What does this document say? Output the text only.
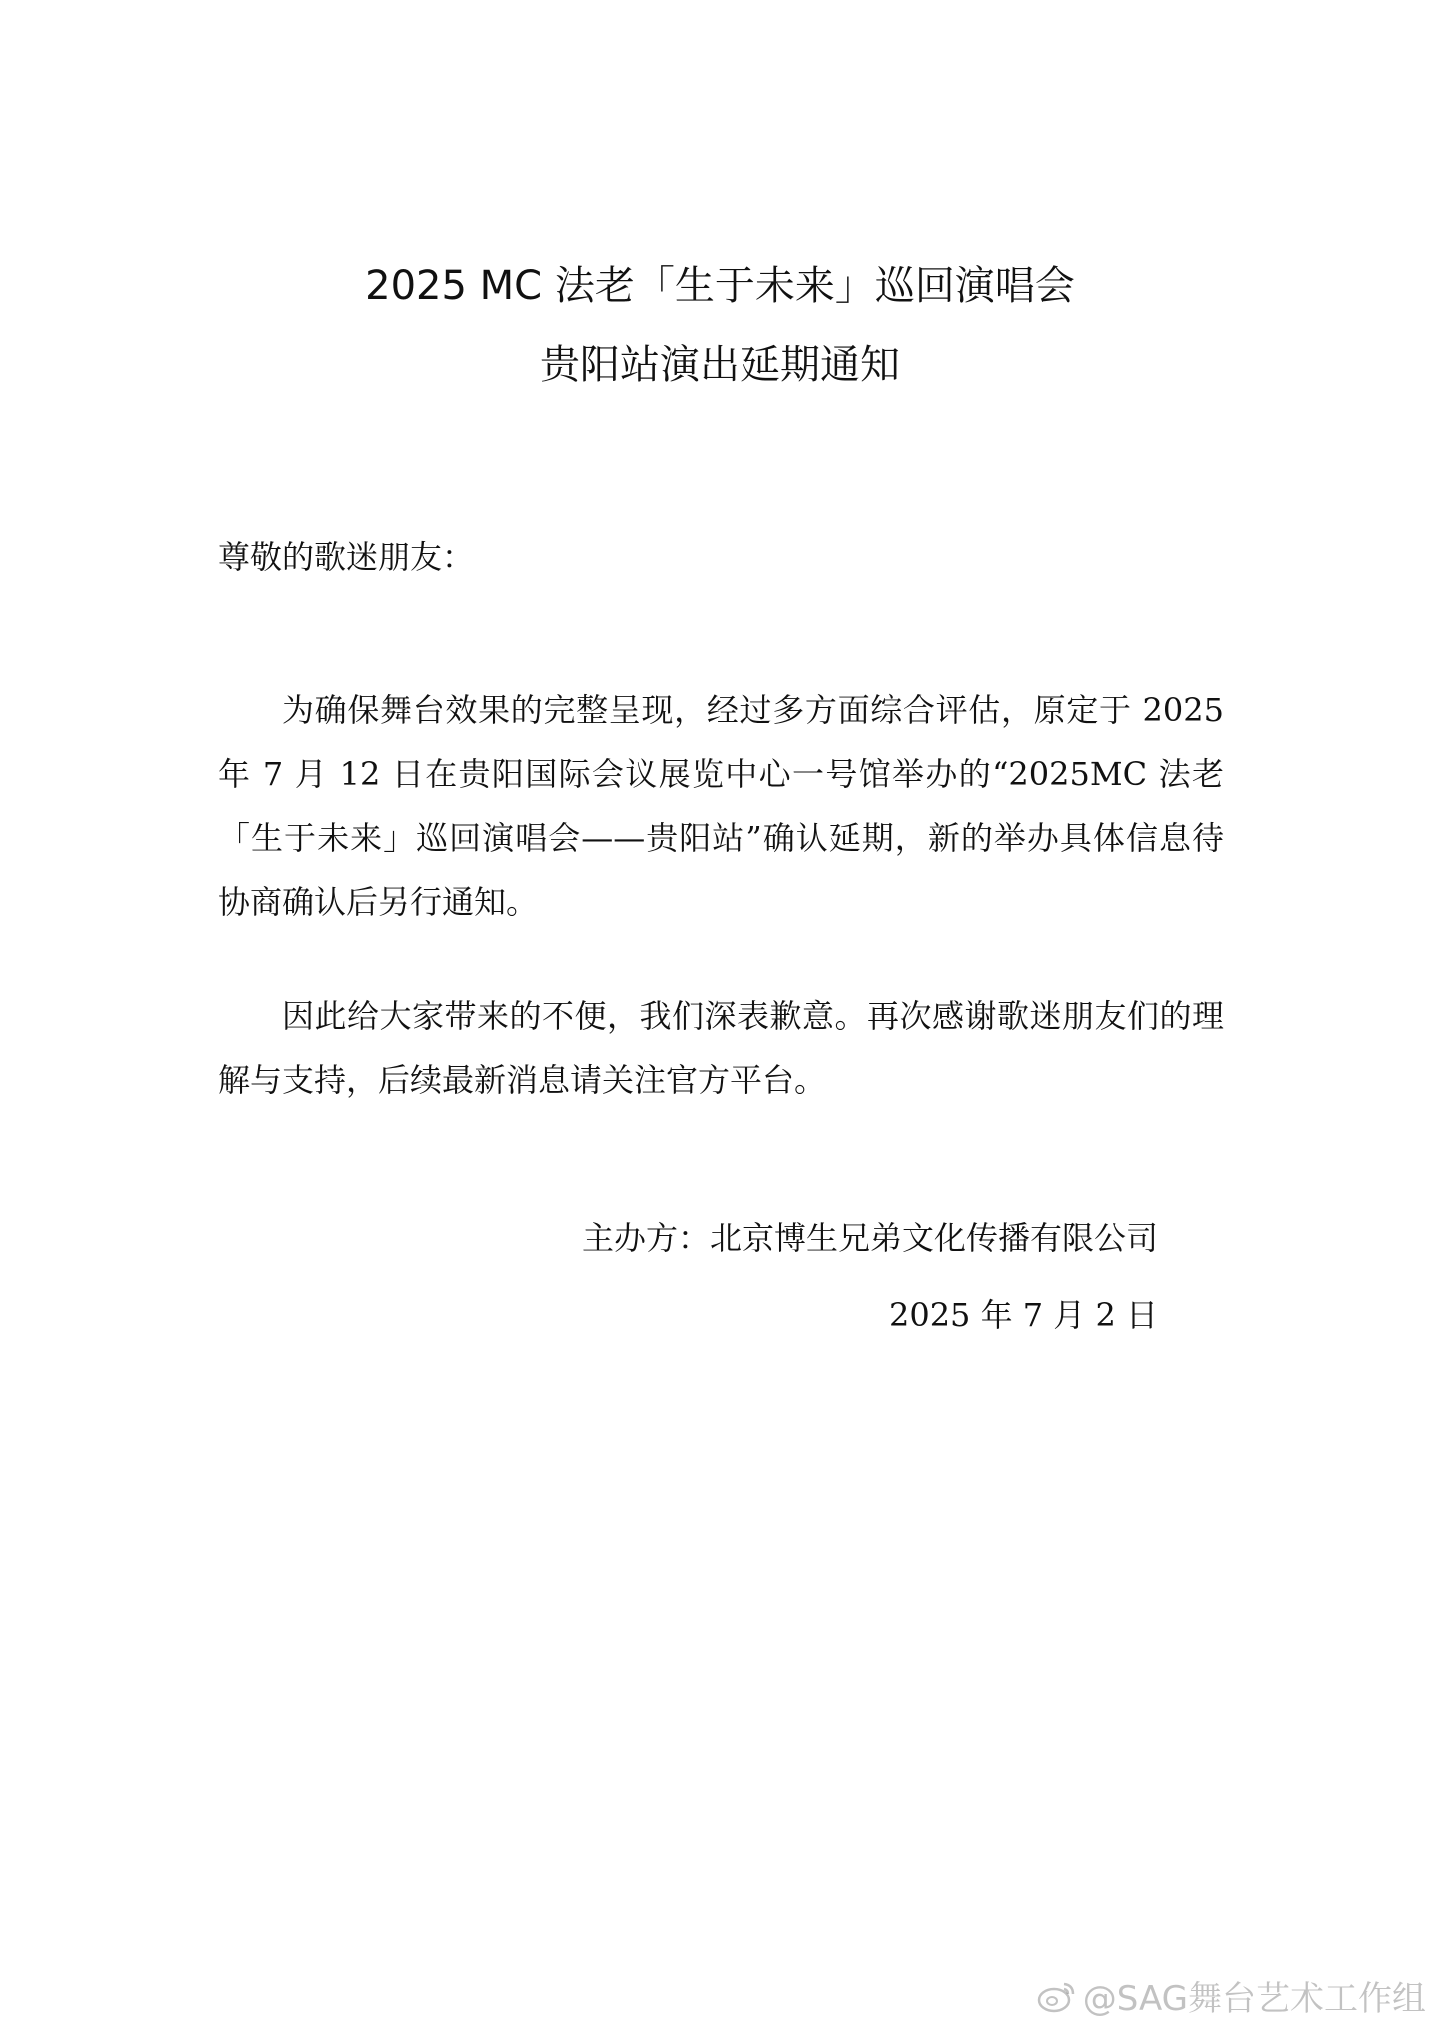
2025 MC 法老「生于未来」巡回演唱会
贵阳站演出延期通知
尊敬的歌迷朋友：

为确保舞台效果的完整呈现，经过多方面综合评估，原定于 2025 年 7 月 12 日在贵阳国际会议展览中心一号馆举办的“2025MC 法老「生于未来」巡回演唱会——贵阳站”确认延期，新的举办具体信息待协商确认后另行通知。

因此给大家带来的不便，我们深表歉意。再次感谢歌迷朋友们的理解与支持，后续最新消息请关注官方平台。

主办方：北京博生兄弟文化传播有限公司
2025 年 7 月 2 日
@SAG舞台艺术工作组
